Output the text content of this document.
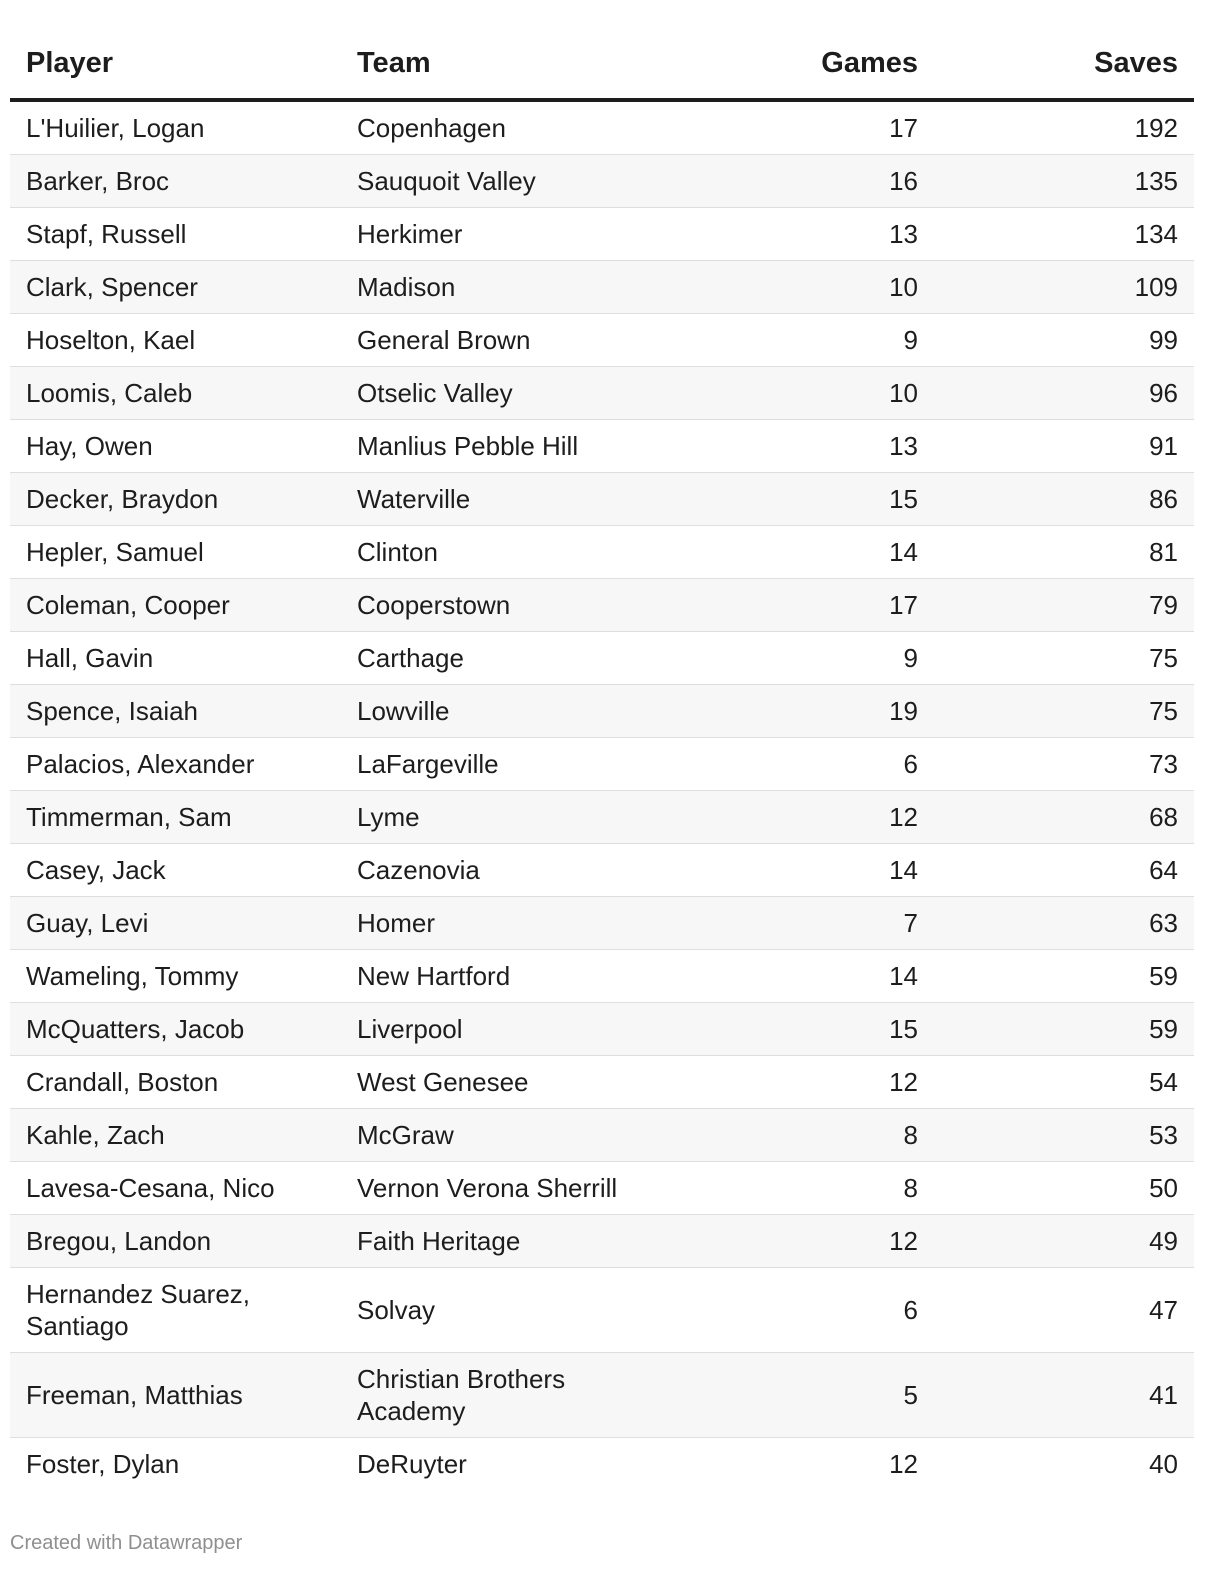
Player	Team	Games	Saves
L'Huilier, Logan	Copenhagen	17	192
Barker, Broc	Sauquoit Valley	16	135
Stapf, Russell	Herkimer	13	134
Clark, Spencer	Madison	10	109
Hoselton, Kael	General Brown	9	99
Loomis, Caleb	Otselic Valley	10	96
Hay, Owen	Manlius Pebble Hill	13	91
Decker, Braydon	Waterville	15	86
Hepler, Samuel	Clinton	14	81
Coleman, Cooper	Cooperstown	17	79
Hall, Gavin	Carthage	9	75
Spence, Isaiah	Lowville	19	75
Palacios, Alexander	LaFargeville	6	73
Timmerman, Sam	Lyme	12	68
Casey, Jack	Cazenovia	14	64
Guay, Levi	Homer	7	63
Wameling, Tommy	New Hartford	14	59
McQuatters, Jacob	Liverpool	15	59
Crandall, Boston	West Genesee	12	54
Kahle, Zach	McGraw	8	53
Lavesa-Cesana, Nico	Vernon Verona Sherrill	8	50
Bregou, Landon	Faith Heritage	12	49
Hernandez Suarez, Santiago	Solvay	6	47
Freeman, Matthias	Christian Brothers Academy	5	41
Foster, Dylan	DeRuyter	12	40
Created with Datawrapper
